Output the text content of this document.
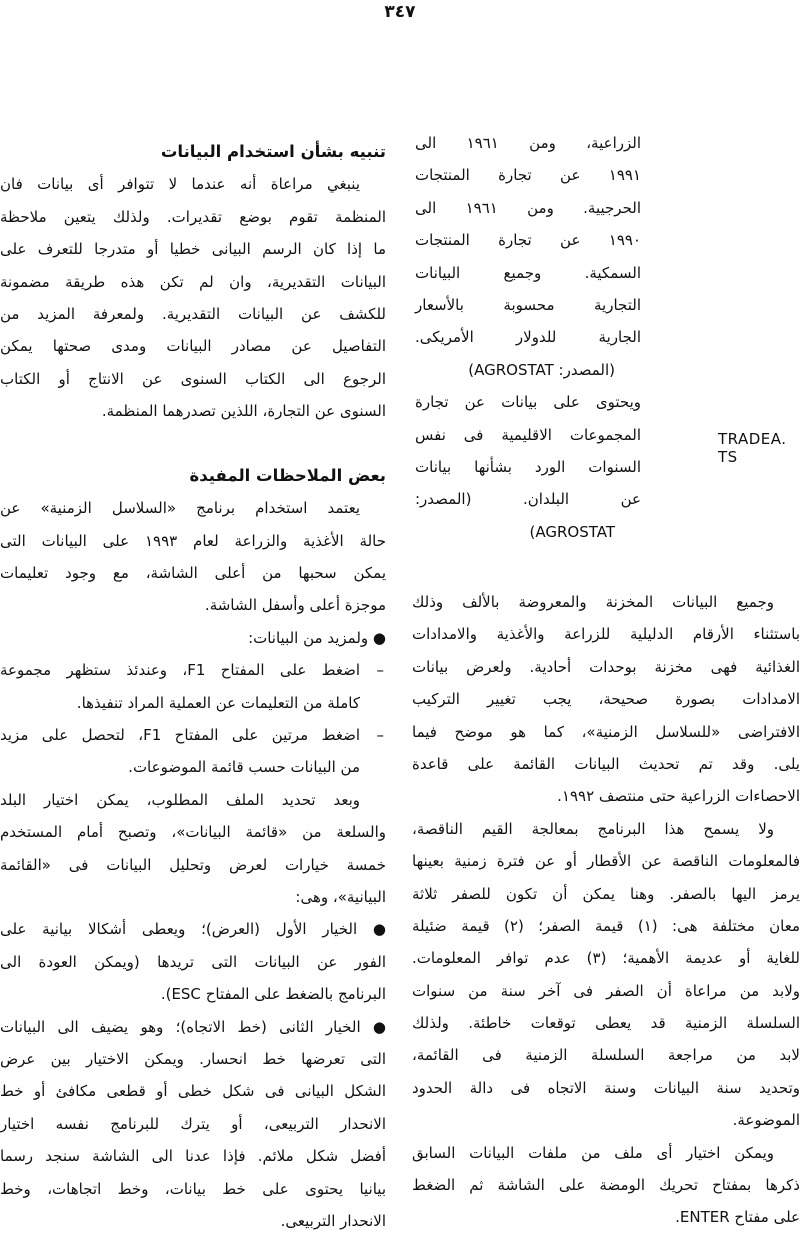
٣٤٧
تنبيه بشأن استخدام البيانات
ينبغي مراعاة أنه عندما لا تتوافر أى بيانات فان
المنظمة تقوم بوضع تقديرات. ولذلك يتعين ملاحظة
ما إذا كان الرسم البيانى خطيا أو متدرجا للتعرف على
البيانات التقديرية، وان لم تكن هذه طريقة مضمونة
للكشف عن البيانات التقديرية. ولمعرفة المزيد من
التفاصيل عن مصادر البيانات ومدى صحتها يمكن
الرجوع الى الكتاب السنوى عن الانتاج أو الكتاب
السنوى عن التجارة، اللذين تصدرهما المنظمة.
بعض الملاحظات المفيدة
يعتمد استخدام برنامج «السلاسل الزمنية» عن
حالة الأغذية والزراعة لعام ١٩٩٣ على البيانات التى
يمكن سحبها من أعلى الشاشة، مع وجود تعليمات
موجزة أعلى وأسفل الشاشة.
● ولمزيد من البيانات:
–
اضغط على المفتاح F1، وعندئذ ستظهر مجموعة
كاملة من التعليمات عن العملية المراد تنفيذها.
–
اضغط مرتين على المفتاح F1، لتحصل على مزيد
من البيانات حسب قائمة الموضوعات.
وبعد تحديد الملف المطلوب، يمكن اختيار البلد
والسلعة من «قائمة البيانات»، وتصبح أمام المستخدم
خمسة خيارات لعرض وتحليل البيانات فى «القائمة
البيانية»، وهى:
● الخيار الأول (العرض)؛ ويعطى أشكالا بيانية على
الفور عن البيانات التى تريدها (ويمكن العودة الى
البرنامج بالضغط على المفتاح ESC).
● الخيار الثانى (خط الاتجاه)؛ وهو يضيف الى البيانات
التى تعرضها خط انحسار. ويمكن الاختيار بين عرض
الشكل البيانى فى شكل خطى أو قطعى مكافئ أو خط
الانحدار التربيعى، أو يترك للبرنامج نفسه اختيار
أفضل شكل ملائم. فإذا عدنا الى الشاشة سنجد رسما
بيانيا يحتوى على خط بيانات، وخط اتجاهات، وخط
الانحدار التربيعى.
الزراعية، ومن ١٩٦١ الى
١٩٩١ عن تجارة المنتجات
الحرجيية. ومن ١٩٦١ الى
١٩٩٠ عن تجارة المنتجات
السمكية. وجميع البيانات
التجارية محسوبة بالأسعار
الجارية للدولار الأمريكى.
(المصدر: AGROSTAT)
ويحتوى على بيانات عن تجارة
المجموعات الاقليمية فى نفس
السنوات الورد بشأنها بيانات
عن البلدان. (المصدر:
AGROSTAT)
TRADEA. TS
وجميع البيانات المخزنة والمعروضة بالألف وذلك
باستثناء الأرقام الدليلية للزراعة والأغذية والامدادات
الغذائية فهى مخزنة بوحدات أحادية. ولعرض بيانات
الامدادات بصورة صحيحة، يجب تغيير التركيب
الافتراضى «للسلاسل الزمنية»، كما هو موضح فيما
يلى. وقد تم تحديث البيانات القائمة على قاعدة
الاحصاءات الزراعية حتى منتصف ١٩٩٢.
ولا يسمح هذا البرنامج بمعالجة القيم الناقصة،
فالمعلومات الناقصة عن الأقطار أو عن فترة زمنية بعينها
يرمز اليها بالصفر. وهنا يمكن أن تكون للصفر ثلاثة
معان مختلفة هى: (١) قيمة الصفر؛ (٢) قيمة ضئيلة
للغاية أو عديمة الأهمية؛ (٣) عدم توافر المعلومات.
ولابد من مراعاة أن الصفر فى آخر سنة من سنوات
السلسلة الزمنية قد يعطى توقعات خاطئة. ولذلك
لابد من مراجعة السلسلة الزمنية فى القائمة،
وتحديد سنة البيانات وسنة الاتجاه فى دالة الحدود
الموضوعة.
ويمكن اختيار أى ملف من ملفات البيانات السابق
ذكرها بمفتاح تحريك الومضة على الشاشة ثم الضغط
على مفتاح ENTER.
